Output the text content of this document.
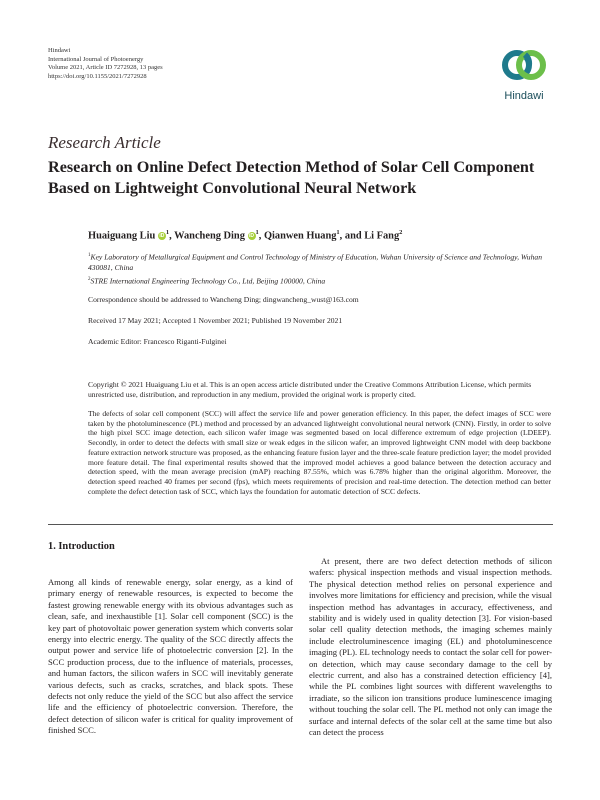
Hindawi
International Journal of Photoenergy
Volume 2021, Article ID 7272928, 13 pages
https://doi.org/10.1155/2021/7272928
Hindawi
Research Article
Research on Online Defect Detection Method of Solar Cell Component Based on Lightweight Convolutional Neural Network
Huaiguang Liu $iD^1$, Wancheng Ding $iD^1$, Qianwen Huang$^1$, and Li Fang$^2$
$^1$Key Laboratory of Metallurgical Equipment and Control Technology of Ministry of Education, Wuhan University of Science and Technology, Wuhan 430081, China
$^2$STRE International Engineering Technology Co., Ltd, Beijing 100000, China
Correspondence should be addressed to Wancheng Ding; dingwancheng_wust@163.com
Received 17 May 2021; Accepted 1 November 2021; Published 19 November 2021
Academic Editor: Francesco Riganti-Fulginei
Copyright © 2021 Huaiguang Liu et al. This is an open access article distributed under the Creative Commons Attribution License, which permits unrestricted use, distribution, and reproduction in any medium, provided the original work is properly cited.
The defects of solar cell component (SCC) will affect the service life and power generation efficiency. In this paper, the defect images of SCC were taken by the photoluminescence (PL) method and processed by an advanced lightweight convolutional neural network (CNN). Firstly, in order to solve the high pixel SCC image detection, each silicon wafer image was segmented based on local difference extremum of edge projection (LDEEP). Secondly, in order to detect the defects with small size or weak edges in the silicon wafer, an improved lightweight CNN model with deep backbone feature extraction network structure was proposed, as the enhancing feature fusion layer and the three-scale feature prediction layer; the model provided more feature detail. The final experimental results showed that the improved model achieves a good balance between the detection accuracy and detection speed, with the mean average precision (mAP) reaching 87.55%, which was 6.78% higher than the original algorithm. Moreover, the detection speed reached 40 frames per second (fps), which meets requirements of precision and real-time detection. The detection method can better complete the defect detection task of SCC, which lays the foundation for automatic detection of SCC defects.
1. Introduction
Among all kinds of renewable energy, solar energy, as a kind of primary energy of renewable resources, is expected to become the fastest growing renewable energy with its obvious advantages such as clean, safe, and inexhaustible [1]. Solar cell component (SCC) is the key part of photovoltaic power generation system which converts solar energy into electric energy. The quality of the SCC directly affects the output power and service life of photoelectric conversion [2]. In the SCC production process, due to the influence of materials, processes, and human factors, the silicon wafers in SCC will inevitably generate various defects, such as cracks, scratches, and black spots. These defects not only reduce the yield of the SCC but also affect the service life and the efficiency of photoelectric conversion. Therefore, the defect detection of silicon wafer is critical for quality improvement of finished SCC.
At present, there are two defect detection methods of silicon wafers: physical inspection methods and visual inspection methods. The physical detection method relies on personal experience and involves more limitations for efficiency and precision, while the visual inspection method has advantages in accuracy, effectiveness, and stability and is widely used in quality detection [3]. For vision-based solar cell quality detection methods, the imaging schemes mainly include electroluminescence imaging (EL) and photoluminescence imaging (PL). EL technology needs to contact the solar cell for power-on detection, which may cause secondary damage to the cell by electric current, and also has a constrained detection efficiency [4], while the PL combines light sources with different wavelengths to irradiate, so the silicon ion transitions produce luminescence imaging without touching the solar cell. The PL method not only can image the surface and internal defects of the solar cell at the same time but also can detect the process
